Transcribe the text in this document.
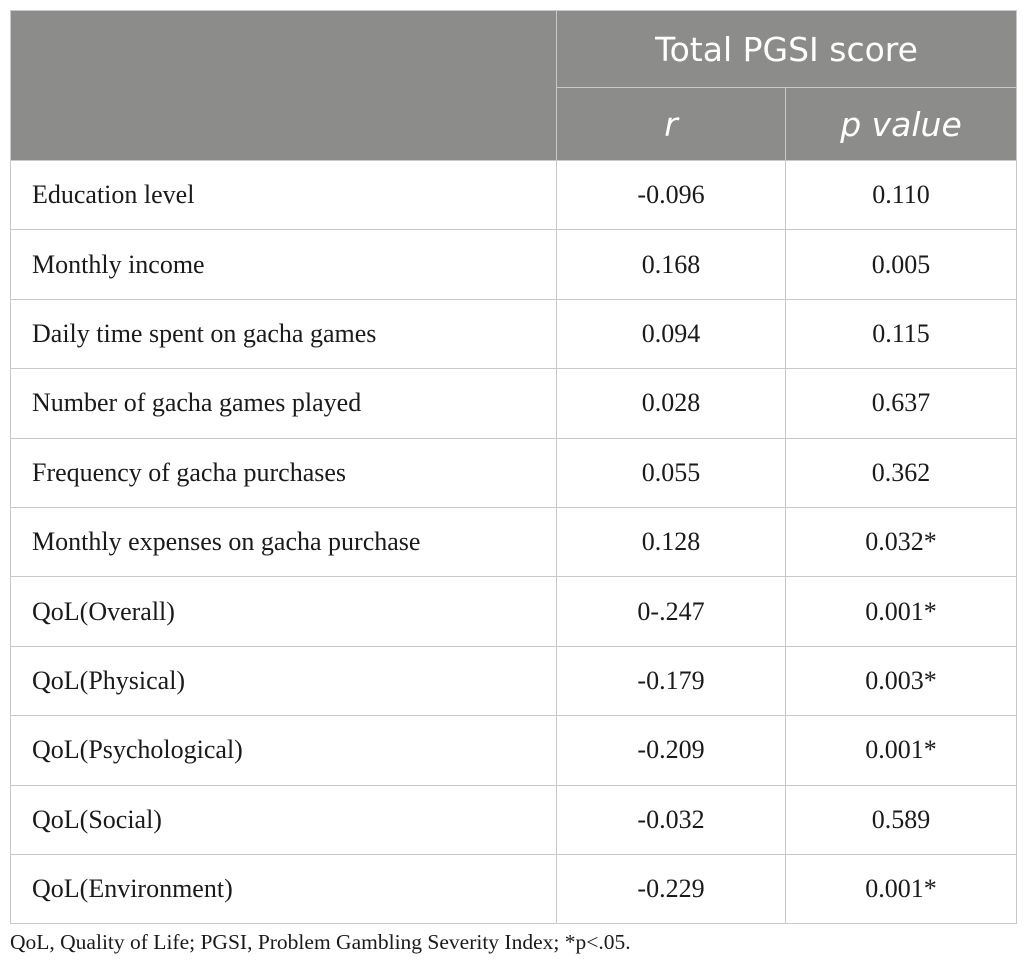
	Total PGSI score	
	r	p value
Education level	-0.096	0.110
Monthly income	0.168	0.005
Daily time spent on gacha games	0.094	0.115
Number of gacha games played	0.028	0.637
Frequency of gacha purchases	0.055	0.362
Monthly expenses on gacha purchase	0.128	0.032*
QoL(Overall)	0-.247	0.001*
QoL(Physical)	-0.179	0.003*
QoL(Psychological)	-0.209	0.001*
QoL(Social)	-0.032	0.589
QoL(Environment)	-0.229	0.001*
QoL, Quality of Life; PGSI, Problem Gambling Severity Index; *p<.05.
